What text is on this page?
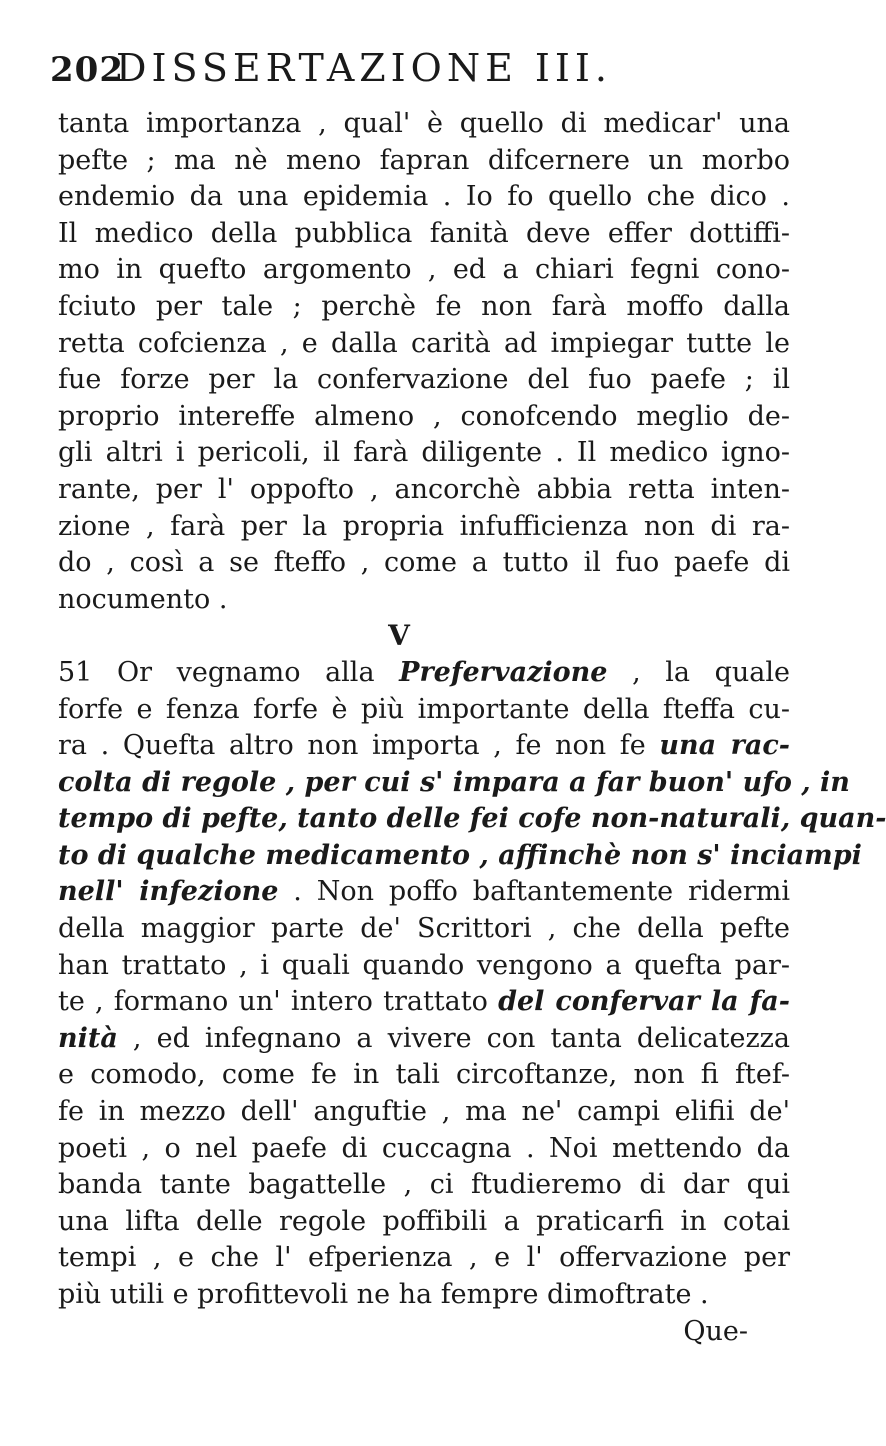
202
DISSERTAZIONE III.
tanta importanza , qual' è quello di medicar' una
pefte ; ma nè meno fapran difcernere un morbo
endemio da una epidemia . Io fo quello che dico .
Il medico della pubblica fanità deve effer dottiffi-
mo in quefto argomento , ed a chiari fegni cono-
fciuto per tale ; perchè fe non farà moffo dalla
retta cofcienza , e dalla carità ad impiegar tutte le
fue forze per la confervazione del fuo paefe ; il
proprio intereffe almeno , conofcendo meglio de-
gli altri i pericoli, il farà diligente . Il medico igno-
rante, per l' oppofto , ancorchè abbia retta inten-
zione , farà per la propria infufficienza non di ra-
do , così a se fteffo , come a tutto il fuo paefe di
nocumento .
V
51 Or vegnamo alla Prefervazione , la quale
forfe e fenza forfe è più importante della fteffa cu-
ra . Quefta altro non importa , fe non fe una rac-
colta di regole , per cui s' impara a far buon' ufo , in
tempo di pefte, tanto delle fei cofe non-naturali, quan-
to di qualche medicamento , affinchè non s' inciampi
nell' infezione . Non poffo baftantemente ridermi
della maggior parte de' Scrittori , che della pefte
han trattato , i quali quando vengono a quefta par-
te , formano un' intero trattato del confervar la fa-
nità , ed infegnano a vivere con tanta delicatezza
e comodo, come fe in tali circoftanze, non fi ftef-
fe in mezzo dell' anguftie , ma ne' campi elifii de'
poeti , o nel paefe di cuccagna . Noi mettendo da
banda tante bagattelle , ci ftudieremo di dar qui
una lifta delle regole poffibili a praticarfi in cotai
tempi , e che l' efperienza , e l' offervazione per
più utili e profittevoli ne ha fempre dimoftrate .
Que-
